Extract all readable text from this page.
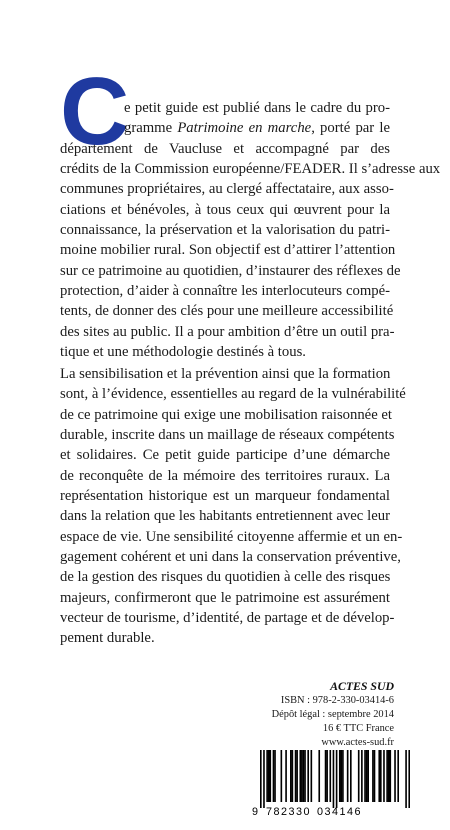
C
e petit guide est publié dans le cadre du pro-
gramme Patrimoine en marche, porté par le
département de Vaucluse et accompagné par des
crédits de la Commission européenne/FEADER. Il s’adresse aux
communes propriétaires, au clergé affectataire, aux asso-
ciations et bénévoles, à tous ceux qui œuvrent pour la
connaissance, la préservation et la valorisation du patri-
moine mobilier rural. Son objectif est d’attirer l’attention
sur ce patrimoine au quotidien, d’instaurer des réflexes de
protection, d’aider à connaître les interlocuteurs compé-
tents, de donner des clés pour une meilleure accessibilité
des sites au public. Il a pour ambition d’être un outil pra-
tique et une méthodologie destinés à tous.
La sensibilisation et la prévention ainsi que la formation
sont, à l’évidence, essentielles au regard de la vulnérabilité
de ce patrimoine qui exige une mobilisation raisonnée et
durable, inscrite dans un maillage de réseaux compétents
et solidaires. Ce petit guide participe d’une démarche
de reconquête de la mémoire des territoires ruraux. La
représentation historique est un marqueur fondamental
dans la relation que les habitants entretiennent avec leur
espace de vie. Une sensibilité citoyenne affermie et un en-
gagement cohérent et uni dans la conservation préventive,
de la gestion des risques du quotidien à celle des risques
majeurs, confirmeront que le patrimoine est assurément
vecteur de tourisme, d’identité, de partage et de dévelop-
pement durable.
ACTES SUD
ISBN : 978-2-330-03414-6
Dépôt légal : septembre 2014
16 € TTC France
www.actes-sud.fr
9 782330 034146
